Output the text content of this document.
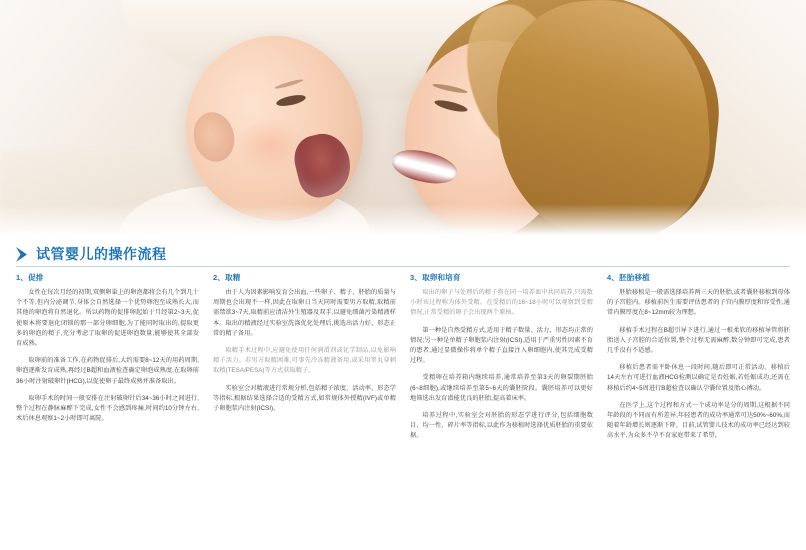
试管婴儿的操作流程
1、促排

女性在每次月经的初期,双侧卵巢上的卵泡都将会有几个到几十个不等,但内分泌调节,身体会自然选择一个优势卵泡至成熟长大,而其他的卵泡将自然退化。所以药物的促排卵起始于月经第2~3天,促使原本将要退化闭锁的那一部分卵细胞,为了能同时取出的,提取更多的卵泡的精子,充分考虑了取卵的促进卵泡数量,能够使其全部发育成熟。

取卵前的准备工作,在药物促排后,大约需要8~12天的用药周期,卵泡逐渐发育成熟,再经过B超和血液检查确定卵泡成熟度,在取卵前36小时注射破卵针(HCG),以促使卵子最终成熟并准备取出。

取卵手术的时间一般安排在注射破卵针后34~36小时之间进行,整个过程在静脉麻醉下完成,女性不会感到疼痛,时间约10分钟左右,术后休息观察1~2小时即可离院。

2、取精

由于人为因素影响发育会出血,一些卵子、精子、胚胎的质量与周期也会出现不一样,因此在取卵日当天同时需要男方取精,取精前需禁欲3~7天,取精前应清洁外生殖器及双手,以避免细菌污染精液样本。取出的精液经过实验室洗涤优化处理后,挑选出活力好、形态正常的精子备用。

取精手术过程中,应避免使用任何润滑剂或化学制品,以免影响精子活力。若男方取精困难,可事先冷冻精液备用,或采用睾丸穿刺取精(TESA/PESA)等方式获取精子。

实验室会对精液进行常规分析,包括精子浓度、活动率、形态学等指标,根据结果选择合适的受精方式,如常规体外授精(IVF)或单精子卵胞浆内注射(ICSI)。

3、取卵和培育

取出的卵子与处理后的精子将在同一培养皿中共同培养,只需数小时该过程称为体外受精。在受精后的16~18小时可以观察到受精情况,正常受精的卵子会出现两个原核。

第一种是自然受精方式,适用于精子数量、活力、形态均正常的情况;另一种是单精子卵胞浆内注射(ICSI),适用于严重男性因素不育的患者,通过显微操作将单个精子直接注入卵细胞内,使其完成受精过程。

受精卵在培养箱内继续培养,通常培养至第3天的卵裂期胚胎(6~8细胞),或继续培养至第5~6天的囊胚阶段。囊胚培养可以更好地筛选出发育潜能优良的胚胎,提高着床率。

培养过程中,实验室会对胚胎的形态学进行评分,包括细胞数目、均一性、碎片率等指标,以此作为移植时选择优质胚胎的重要依据。

4、胚胎移植

胚胎移植是一般需选择培养两三天的胚胎,或者囊胚移植到母体的子宫腔内。移植前医生需要评估患者的子宫内膜厚度和容受性,通常内膜厚度在8~12mm较为理想。

移植手术过程在B超引导下进行,通过一根柔软的移植导管将胚胎送入子宫腔的合适位置,整个过程无需麻醉,数分钟即可完成,患者几乎没有不适感。

移植后患者需平卧休息一段时间,随后即可正常活动。移植后14天左右可进行血液HCG检测以确定是否妊娠,若妊娠成功,还需在移植后约4~5周进行B超检查以确认孕囊位置及胎心搏动。

在医学上,这个过程和方式一个成功率是分的周期,这根据不同年龄段的不同而有所差异,年轻患者的成功率通常可达50%~60%,而随着年龄增长则逐渐下降。目前,试管婴儿技术的成功率已经达到较高水平,为众多不孕不育家庭带来了希望。
